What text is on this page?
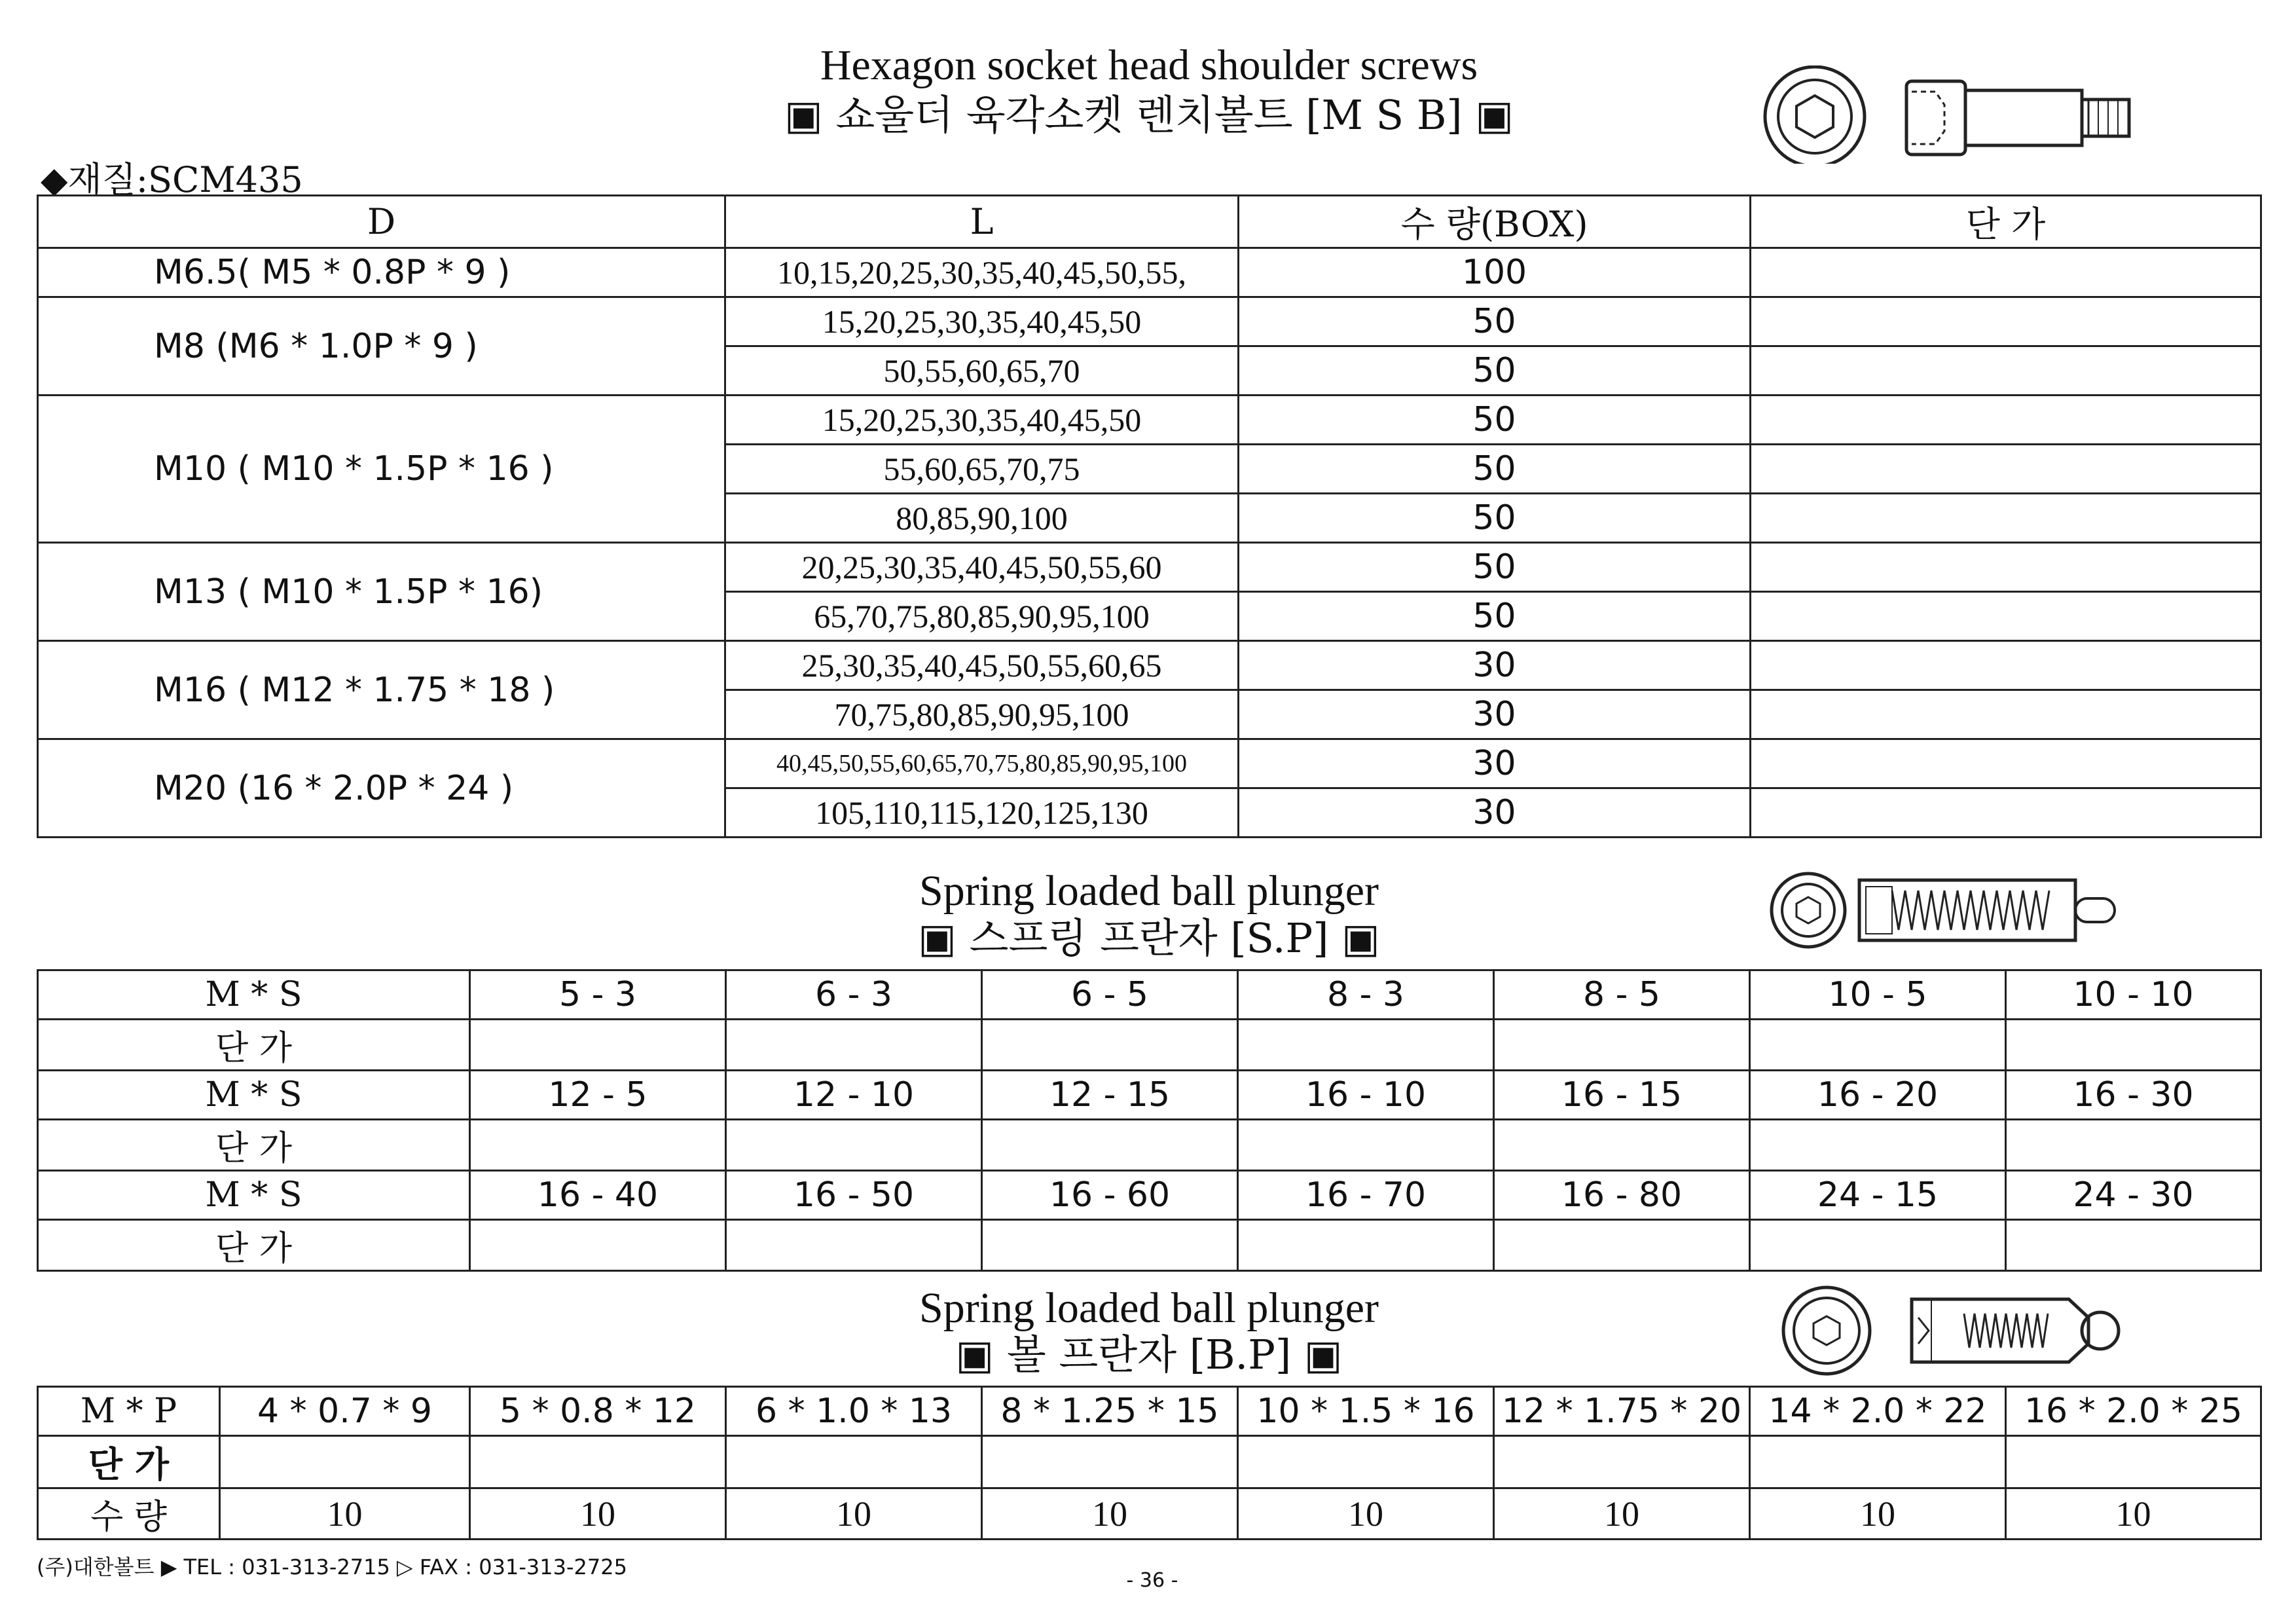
Hexagon socket head shoulder screws
▣ 쇼울더 육각소켓 렌치볼트 [M S B] ▣
◆재질:SCM435
D	L	수 량(BOX)	단 가
M6.5( M5 * 0.8P * 9 )	10,15,20,25,30,35,40,45,50,55,	100	
M8 (M6 * 1.0P * 9 )	15,20,25,30,35,40,45,50	50	
	50,55,60,65,70	50	
M10 ( M10 * 1.5P * 16 )	15,20,25,30,35,40,45,50	50	
	55,60,65,70,75	50	
	80,85,90,100	50	
M13 ( M10 * 1.5P * 16)	20,25,30,35,40,45,50,55,60	50	
	65,70,75,80,85,90,95,100	50	
M16 ( M12 * 1.75 * 18 )	25,30,35,40,45,50,55,60,65	30	
	70,75,80,85,90,95,100	30	
M20 (16 * 2.0P * 24 )	40,45,50,55,60,65,70,75,80,85,90,95,100	30	
	105,110,115,120,125,130	30	
Spring loaded ball plunger
▣ 스프링 프란자 [S.P] ▣
M * S	5 - 3	6 - 3	6 - 5	8 - 3	8 - 5	10 - 5	10 - 10
단 가							
M * S	12 - 5	12 - 10	12 - 15	16 - 10	16 - 15	16 - 20	16 - 30
단 가							
M * S	16 - 40	16 - 50	16 - 60	16 - 70	16 - 80	24 - 15	24 - 30
단 가							
Spring loaded ball plunger
▣ 볼 프란자 [B.P] ▣
M * P	4 * 0.7 * 9	5 * 0.8 * 12	6 * 1.0 * 13	8 * 1.25 * 15	10 * 1.5 * 16	12 * 1.75 * 20	14 * 2.0 * 22	16 * 2.0 * 25
단 가								
수 량	10	10	10	10	10	10	10	10
(주)대한볼트 ▶ TEL : 031-313-2715 ▷ FAX : 031-313-2725
- 36 -
